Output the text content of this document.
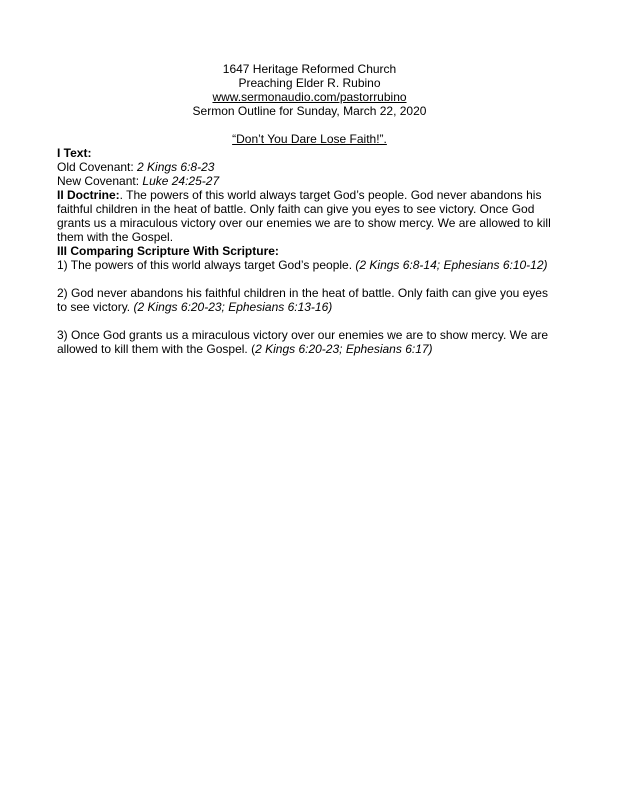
1647 Heritage Reformed Church
Preaching Elder R. Rubino
www.sermonaudio.com/pastorrubino
Sermon Outline for Sunday, March 22, 2020
“Don’t You Dare Lose Faith!”.
I Text:
Old Covenant: 2 Kings 6:8-23
New Covenant: Luke 24:25-27
II Doctrine:. The powers of this world always target God’s people. God never abandons his
faithful children in the heat of battle. Only faith can give you eyes to see victory. Once God
grants us a miraculous victory over our enemies we are to show mercy. We are allowed to kill
them with the Gospel.
III Comparing Scripture With Scripture:
1) The powers of this world always target God’s people. (2 Kings 6:8-14; Ephesians 6:10-12)
2) God never abandons his faithful children in the heat of battle. Only faith can give you eyes
to see victory. (2 Kings 6:20-23; Ephesians 6:13-16)
3) Once God grants us a miraculous victory over our enemies we are to show mercy. We are
allowed to kill them with the Gospel. (2 Kings 6:20-23; Ephesians 6:17)
